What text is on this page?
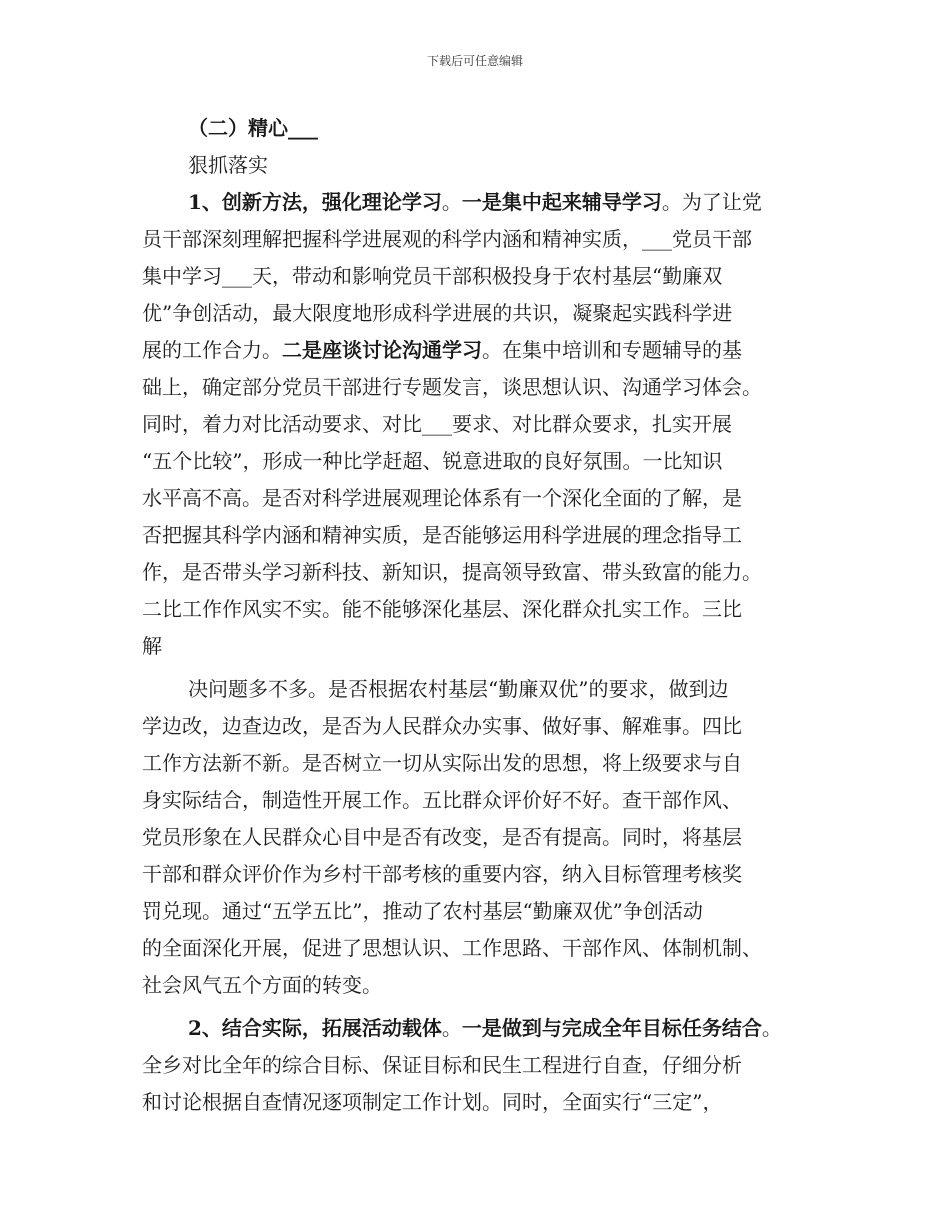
下载后可任意编辑
（二）精心___
狠抓落实
1、创新方法，强化理论学习。一是集中起来辅导学习。为了让党
员干部深刻理解把握科学进展观的科学内涵和精神实质，___党员干部
集中学习___天，带动和影响党员干部积极投身于农村基层“勤廉双
优”争创活动，最大限度地形成科学进展的共识，凝聚起实践科学进
展的工作合力。二是座谈讨论沟通学习。在集中培训和专题辅导的基
础上，确定部分党员干部进行专题发言，谈思想认识、沟通学习体会。
同时，着力对比活动要求、对比___要求、对比群众要求，扎实开展
“五个比较”，形成一种比学赶超、锐意进取的良好氛围。一比知识
水平高不高。是否对科学进展观理论体系有一个深化全面的了解，是
否把握其科学内涵和精神实质，是否能够运用科学进展的理念指导工
作，是否带头学习新科技、新知识，提高领导致富、带头致富的能力。
二比工作作风实不实。能不能够深化基层、深化群众扎实工作。三比
解
决问题多不多。是否根据农村基层“勤廉双优”的要求，做到边
学边改，边查边改，是否为人民群众办实事、做好事、解难事。四比
工作方法新不新。是否树立一切从实际出发的思想，将上级要求与自
身实际结合，制造性开展工作。五比群众评价好不好。查干部作风、
党员形象在人民群众心目中是否有改变，是否有提高。同时，将基层
干部和群众评价作为乡村干部考核的重要内容，纳入目标管理考核奖
罚兑现。通过“五学五比”，推动了农村基层“勤廉双优”争创活动
的全面深化开展，促进了思想认识、工作思路、干部作风、体制机制、
社会风气五个方面的转变。
2、结合实际，拓展活动载体。一是做到与完成全年目标任务结合。
全乡对比全年的综合目标、保证目标和民生工程进行自查，仔细分析
和讨论根据自查情况逐项制定工作计划。同时，全面实行“三定”，
